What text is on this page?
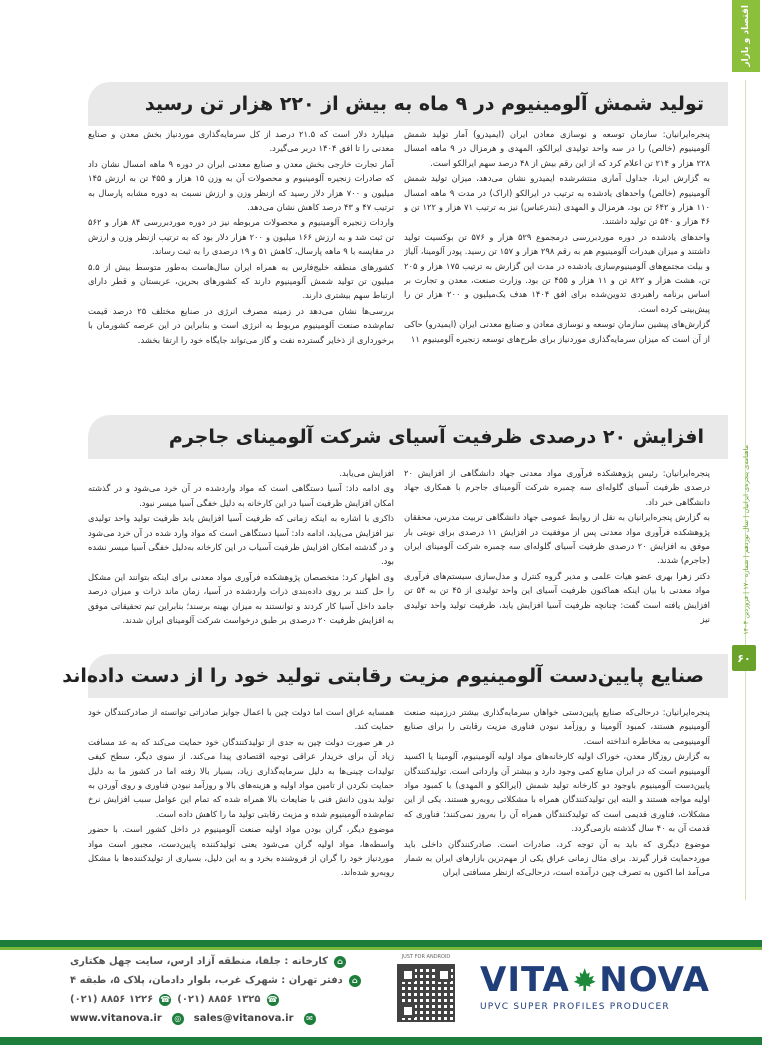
اقتصاد و بازار
ماهنامه‌ی پنجره‌ی ایرانیان | سال نوزدهم | شماره ۱۷۰ | فروردین ۱۴۰۳
۶۰
تولید شمش آلومینیوم در ۹ ماه به بیش از ۲۲۰ هزار تن رسید

پنجره‌ایرانیان: سازمان توسعه و نوسازی معادن ایران (ایمیدرو) آمار تولید شمش آلومینیوم (خالص) را در سه واحد تولیدی ایرالکو، المهدی و هرمزال در ۹ ماهه امسال ۲۲۸ هزار و ۲۱۴ تن اعلام کرد که از این رقم بیش از ۴۸ درصد سهم ایرالکو است.

به گزارش ایرنا، جداول آماری منتشرشده ایمیدرو نشان می‌دهد، میزان تولید شمش آلومینیوم (خالص) واحدهای یادشده به ترتیب در ایرالکو (اراک) در مدت ۹ ماهه امسال ۱۱۰ هزار و ۶۴۲ تن بود، هرمزال و المهدی (بندرعباس) نیز به ترتیب ۷۱ هزار و ۱۲۲ تن و ۴۶ هزار و ۵۴۰ تن تولید داشتند.

واحدهای یادشده در دوره موردبررسی درمجموع ۵۲۹ هزار و ۵۷۶ تن بوکسیت تولید داشتند و میزان هیدرات آلومینیوم هم به رقم ۲۹۸ هزار و ۱۵۷ تن رسید. پودر آلومینا، آلیاژ و بیلت مجتمع‌های آلومینیوم‌سازی یادشده در مدت این گزارش به ترتیب ۱۷۵ هزار و ۲۰۵ تن، هشت هزار و ۸۲۲ تن و ۱۱ هزار و ۴۵۵ تن بود. وزارت صنعت، معدن و تجارت بر اساس برنامه راهبردی تدوین‌شده برای افق ۱۴۰۴ هدف یک‌میلیون و ۲۰۰ هزار تن را پیش‌بینی کرده است.

گزارش‌های پیشین سازمان توسعه و نوسازی معادن و صنایع معدنی ایران (ایمیدرو) حاکی از آن است که میزان سرمایه‌گذاری موردنیاز برای طرح‌های توسعه زنجیره آلومینیوم ۱۱

میلیارد دلار است که ۲۱.۵ درصد از کل سرمایه‌گذاری موردنیاز بخش معدن و صنایع معدنی را تا افق ۱۴۰۴ دربر می‌گیرد.

آمار تجارت خارجی بخش معدن و صنایع معدنی ایران در دوره ۹ ماهه امسال نشان داد که صادرات زنجیره آلومینیوم و محصولات آن به وزن ۱۵ هزار و ۴۵۵ تن به ارزش ۱۴۵ میلیون و ۷۰۰ هزار دلار رسید که ازنظر وزن و ارزش نسبت به دوره مشابه پارسال به ترتیب ۴۷ و ۴۳ درصد کاهش نشان می‌دهد.

واردات زنجیره آلومینیوم و محصولات مربوطه نیز در دوره موردبررسی ۸۴ هزار و ۵۶۲ تن ثبت شد و به ارزش ۱۶۶ میلیون و ۲۰۰ هزار دلار بود که به ترتیب ازنظر وزن و ارزش در مقایسه با ۹ ماهه پارسال، کاهش ۵۱ و ۱۹ درصدی را به ثبت رساند.

کشورهای منطقه خلیج‌فارس به همراه ایران سال‌هاست به‌طور متوسط بیش از ۵.۵ میلیون تن تولید شمش آلومینیوم دارند که کشورهای بحرین، عربستان و قطر دارای ارتباط سهم بیشتری دارند.

بررسی‌ها نشان می‌دهد در زمینه مصرف انرژی در صنایع مختلف ۲۵ درصد قیمت تمام‌شده صنعت آلومینیوم مربوط به انرژی است و بنابراین در این عرصه کشورمان با برخورداری از ذخایر گسترده نفت و گاز می‌تواند جایگاه خود را ارتقا بخشد.

افزایش ۲۰ درصدی ظرفیت آسیای شرکت آلومینای جاجرم

پنجره‌ایرانیان: رئیس پژوهشکده فرآوری مواد معدنی جهاد دانشگاهی از افزایش ۲۰ درصدی ظرفیت آسیای گلوله‌ای سه چمبره شرکت آلومینای جاجرم با همکاری جهاد دانشگاهی خبر داد.

به گزارش پنجره‌ایرانیان به نقل از روابط عمومی جهاد دانشگاهی تربیت مدرس، محققان پژوهشکده فرآوری مواد معدنی پس از موفقیت در افزایش ۱۱ درصدی برای نوبتی بار موفق به افزایش ۲۰ درصدی ظرفیت آسیای گلوله‌ای سه چمبره شرکت آلومینای ایران (جاجرم) شدند.

دکتر زهرا بهری عضو هیات علمی و مدیر گروه کنترل و مدل‌سازی سیستم‌های فرآوری مواد معدنی با بیان اینکه هماکنون ظرفیت آسیای این واحد تولیدی از ۴۵ تن به ۵۴ تن افزایش یافته است گفت: چنانچه ظرفیت آسیا افزایش یابد، ظرفیت تولید واحد تولیدی نیز

افزایش می‌یابد.

وی ادامه داد: آسیا دستگاهی است که مواد واردشده در آن خرد می‌شود و در گذشته امکان افزایش ظرفیت آسیا در این کارخانه به دلیل خفگی آسیا میسر نبود.

ذاکری با اشاره به اینکه زمانی که ظرفیت آسیا افزایش یابد ظرفیت تولید واحد تولیدی نیز افزایش می‌یابد، ادامه داد: آسیا دستگاهی است که مواد وارد شده در آن خرد می‌شود و در گذشته امکان افزایش ظرفیت آسیاب در این کارخانه به‌دلیل خفگی آسیا میسر نشده بود.

وی اظهار کرد: متخصصان پژوهشکده فرآوری مواد معدنی برای اینکه بتوانند این مشکل را حل کنند بر روی داده‌بندی ذرات واردشده در آسیا، زمان ماند ذرات و میزان درصد جامد داخل آسیا کار کردند و توانستند به میزان بهینه برسند؛ بنابراین تیم تحقیقاتی موفق به افزایش ظرفیت ۲۰ درصدی بر طبق درخواست شرکت آلومینای ایران شدند.

صنایع پایین‌دست آلومینیوم مزیت رقابتی تولید خود را از دست داده‌اند

پنجره‌ایرانیان: درحالی‌که صنایع پایین‌دستی خواهان سرمایه‌گذاری بیشتر درزمینه صنعت آلومینیوم هستند، کمبود آلومینا و روزآمد نبودن فناوری مزیت رقابتی را برای صنایع آلومینیومی به مخاطره انداخته است.

به گزارش روزگار معدن، خوراک اولیه کارخانه‌های مواد اولیه آلومینیوم، آلومینا یا اکسید آلومینیوم است که در ایران منابع کمی وجود دارد و بیشتر آن وارداتی است. تولیدکنندگان پایین‌دست آلومینیوم باوجود دو کارخانه تولید شمش (ایرالکو و المهدی) با کمبود مواد اولیه مواجه هستند و البته این تولیدکنندگان همراه با مشکلاتی روبه‌رو هستند. یکی از این مشکلات، فناوری قدیمی است که تولیدکنندگان همراه آن را به‌روز نمی‌کنند؛ فناوری که قدمت آن به ۴۰ سال گذشته بازمی‌گردد.

موضوع دیگری که باید به آن توجه کرد، صادرات است. صادرکنندگان داخلی باید موردحمایت قرار گیرند. برای مثال زمانی عراق یکی از مهم‌ترین بازارهای ایران به شمار می‌آمد اما اکنون به تصرف چین درآمده است، درحالی‌که ازنظر مسافتی ایران

همسایه عراق است اما دولت چین با اعمال جوایز صادراتی توانسته از صادرکنندگان خود حمایت کند.

در هر صورت دولت چین به جدی از تولیدکنندگان خود حمایت می‌کند که به عد مسافت زیاد آن برای خریدار عراقی توجیه اقتصادی پیدا می‌کند. از سوی دیگر، سطح کیفی تولیدات چینی‌ها به دلیل سرمایه‌گذاری زیاد، بسیار بالا رفته اما در کشور ما به دلیل حمایت نکردن از تامین مواد اولیه و هزینه‌های بالا و روزآمد نبودن فناوری و روی آوردن به تولید بدون دانش فنی با ضایعات بالا همراه شده که تمام این عوامل سبب افزایش نرخ تمام‌شده آلومینیوم شده و مزیت رقابتی تولید ما را کاهش داده است.

موضوع دیگر، گران بودن مواد اولیه صنعت آلومینیوم در داخل کشور است. با حضور واسطه‌ها، مواد اولیه گران می‌شود یعنی تولیدکننده پایین‌دست، مجبور است مواد موردنیاز خود را گران از فروشنده بخرد و به این دلیل، بسیاری از تولیدکننده‌ها با مشکل روبه‌رو شده‌اند.

⌂
کارخانه : جلفا، منطقه آزاد ارس، سایت چهل هکتاری
⌂
دفتر تهران : شهرک غرب، بلوار دادمان، پلاک ۵، طبقه ۴
(۰۲۱) ۸۸۵۶ ۱۲۲۶ ☎ (۰۲۱) ۸۸۵۶ ۱۳۲۵ ☎
www.vitanova.ir	◎ sales@vitanova.ir	✉
JUST FOR ANDROID
VITA NOVA
UPVC SUPER PROFILES PRODUCER
